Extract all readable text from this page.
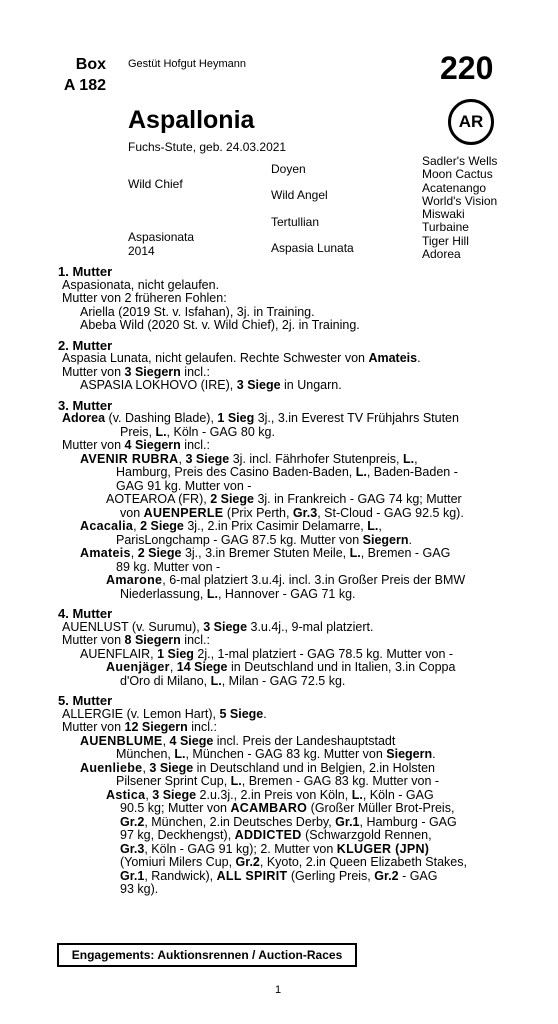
Box
A 182
Gestüt Hofgut Heymann	220
AR
Aspallonia
Fuchs-Stute, geb. 24.03.2021
Wild Chief
Aspasionata
2014
Doyen
Wild Angel
Tertullian
Aspasia Lunata
Sadler's Wells
Moon Cactus
Acatenango
World's Vision
Miswaki
Turbaine
Tiger Hill
Adorea
1. Mutter
Aspasionata, nicht gelaufen.
Mutter von 2 früheren Fohlen:
Ariella (2019 St. v. Isfahan), 3j. in Training.
Abeba Wild (2020 St. v. Wild Chief), 2j. in Training.
2. Mutter
Aspasia Lunata, nicht gelaufen. Rechte Schwester von Amateis.
Mutter von 3 Siegern incl.:
ASPASIA LOKHOVO (IRE), 3 Siege in Ungarn.
3. Mutter
Adorea (v. Dashing Blade), 1 Sieg 3j., 3.in Everest TV Frühjahrs Stuten
Preis, L., Köln - GAG 80 kg.
Mutter von 4 Siegern incl.:
AVENIR RUBRA, 3 Siege 3j. incl. Fährhofer Stutenpreis, L.,
Hamburg, Preis des Casino Baden-Baden, L., Baden-Baden -
GAG 91 kg. Mutter von -
AOTEAROA (FR), 2 Siege 3j. in Frankreich - GAG 74 kg; Mutter
von AUENPERLE (Prix Perth, Gr.3, St-Cloud - GAG 92.5 kg).
Acacalia, 2 Siege 3j., 2.in Prix Casimir Delamarre, L.,
ParisLongchamp - GAG 87.5 kg. Mutter von Siegern.
Amateis, 2 Siege 3j., 3.in Bremer Stuten Meile, L., Bremen - GAG
89 kg. Mutter von -
Amarone, 6-mal platziert 3.u.4j. incl. 3.in Großer Preis der BMW
Niederlassung, L., Hannover - GAG 71 kg.
4. Mutter
AUENLUST (v. Surumu), 3 Siege 3.u.4j., 9-mal platziert.
Mutter von 8 Siegern incl.:
AUENFLAIR, 1 Sieg 2j., 1-mal platziert - GAG 78.5 kg. Mutter von -
Auenjäger, 14 Siege in Deutschland und in Italien, 3.in Coppa
d'Oro di Milano, L., Milan - GAG 72.5 kg.
5. Mutter
ALLERGIE (v. Lemon Hart), 5 Siege.
Mutter von 12 Siegern incl.:
AUENBLUME, 4 Siege incl. Preis der Landeshauptstadt
München, L., München - GAG 83 kg. Mutter von Siegern.
Auenliebe, 3 Siege in Deutschland und in Belgien, 2.in Holsten
Pilsener Sprint Cup, L., Bremen - GAG 83 kg. Mutter von -
Astica, 3 Siege 2.u.3j., 2.in Preis von Köln, L., Köln - GAG
90.5 kg; Mutter von ACAMBARO (Großer Müller Brot-Preis,
Gr.2, München, 2.in Deutsches Derby, Gr.1, Hamburg - GAG
97 kg, Deckhengst), ADDICTED (Schwarzgold Rennen,
Gr.3, Köln - GAG 91 kg); 2. Mutter von KLUGER (JPN)
(Yomiuri Milers Cup, Gr.2, Kyoto, 2.in Queen Elizabeth Stakes,
Gr.1, Randwick), ALL SPIRIT (Gerling Preis, Gr.2 - GAG
93 kg).
Engagements: Auktionsrennen / Auction-Races
1
